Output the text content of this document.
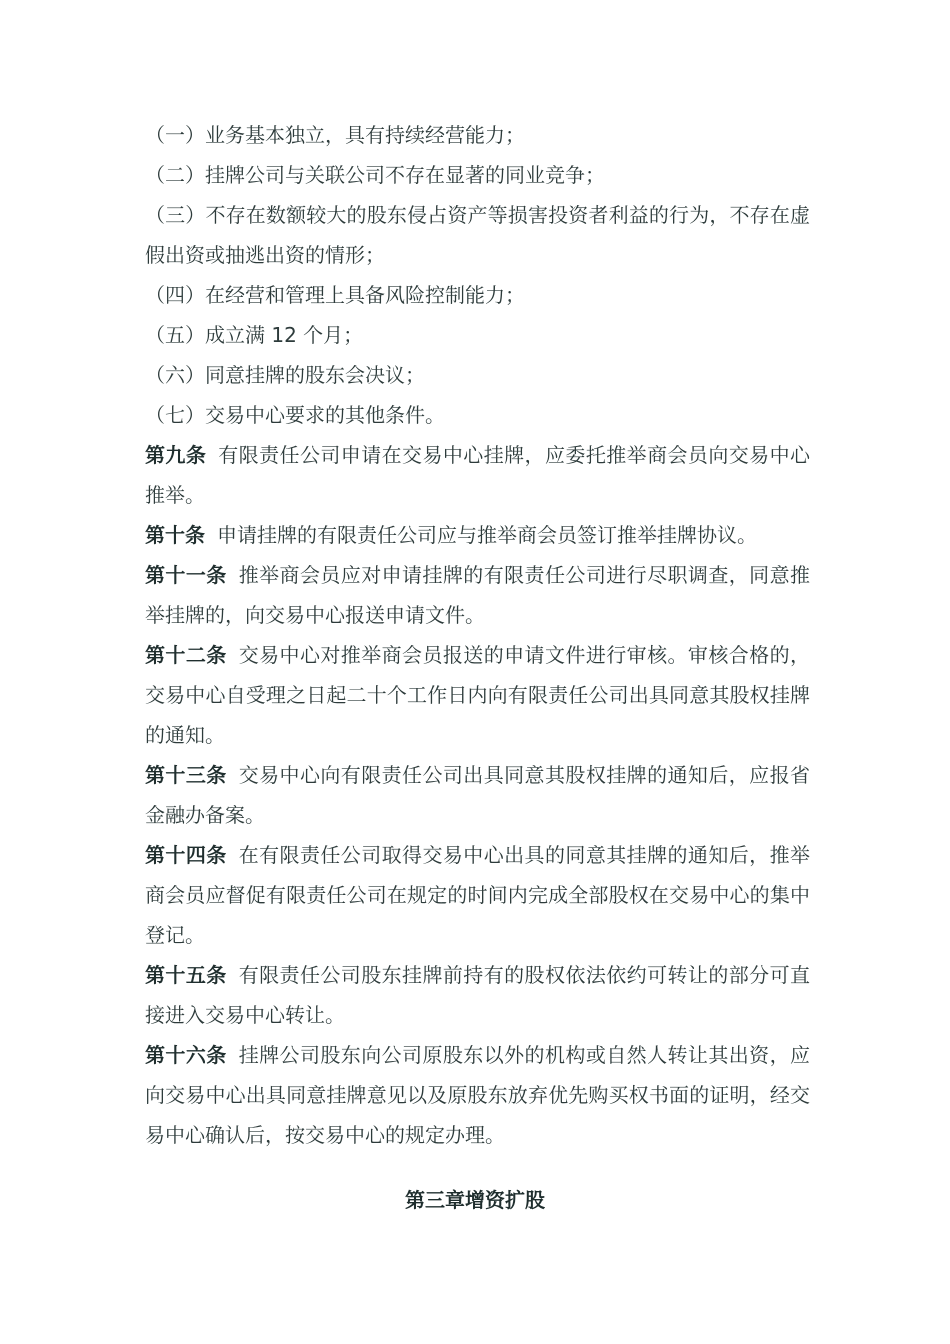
（一）业务基本独立，具有持续经营能力；

（二）挂牌公司与关联公司不存在显著的同业竞争；

（三）不存在数额较大的股东侵占资产等损害投资者利益的行为，不存在虚假出资或抽逃出资的情形；

（四）在经营和管理上具备风险控制能力；

（五）成立满 12 个月；

（六）同意挂牌的股东会决议；

（七）交易中心要求的其他条件。

第九条 有限责任公司申请在交易中心挂牌，应委托推举商会员向交易中心推举。

第十条 申请挂牌的有限责任公司应与推举商会员签订推举挂牌协议。

第十一条 推举商会员应对申请挂牌的有限责任公司进行尽职调查，同意推举挂牌的，向交易中心报送申请文件。

第十二条 交易中心对推举商会员报送的申请文件进行审核。审核合格的，交易中心自受理之日起二十个工作日内向有限责任公司出具同意其股权挂牌的通知。

第十三条 交易中心向有限责任公司出具同意其股权挂牌的通知后，应报省金融办备案。

第十四条 在有限责任公司取得交易中心出具的同意其挂牌的通知后，推举商会员应督促有限责任公司在规定的时间内完成全部股权在交易中心的集中登记。

第十五条 有限责任公司股东挂牌前持有的股权依法依约可转让的部分可直接进入交易中心转让。

第十六条 挂牌公司股东向公司原股东以外的机构或自然人转让其出资，应向交易中心出具同意挂牌意见以及原股东放弃优先购买权书面的证明，经交易中心确认后，按交易中心的规定办理。

第三章增资扩股
